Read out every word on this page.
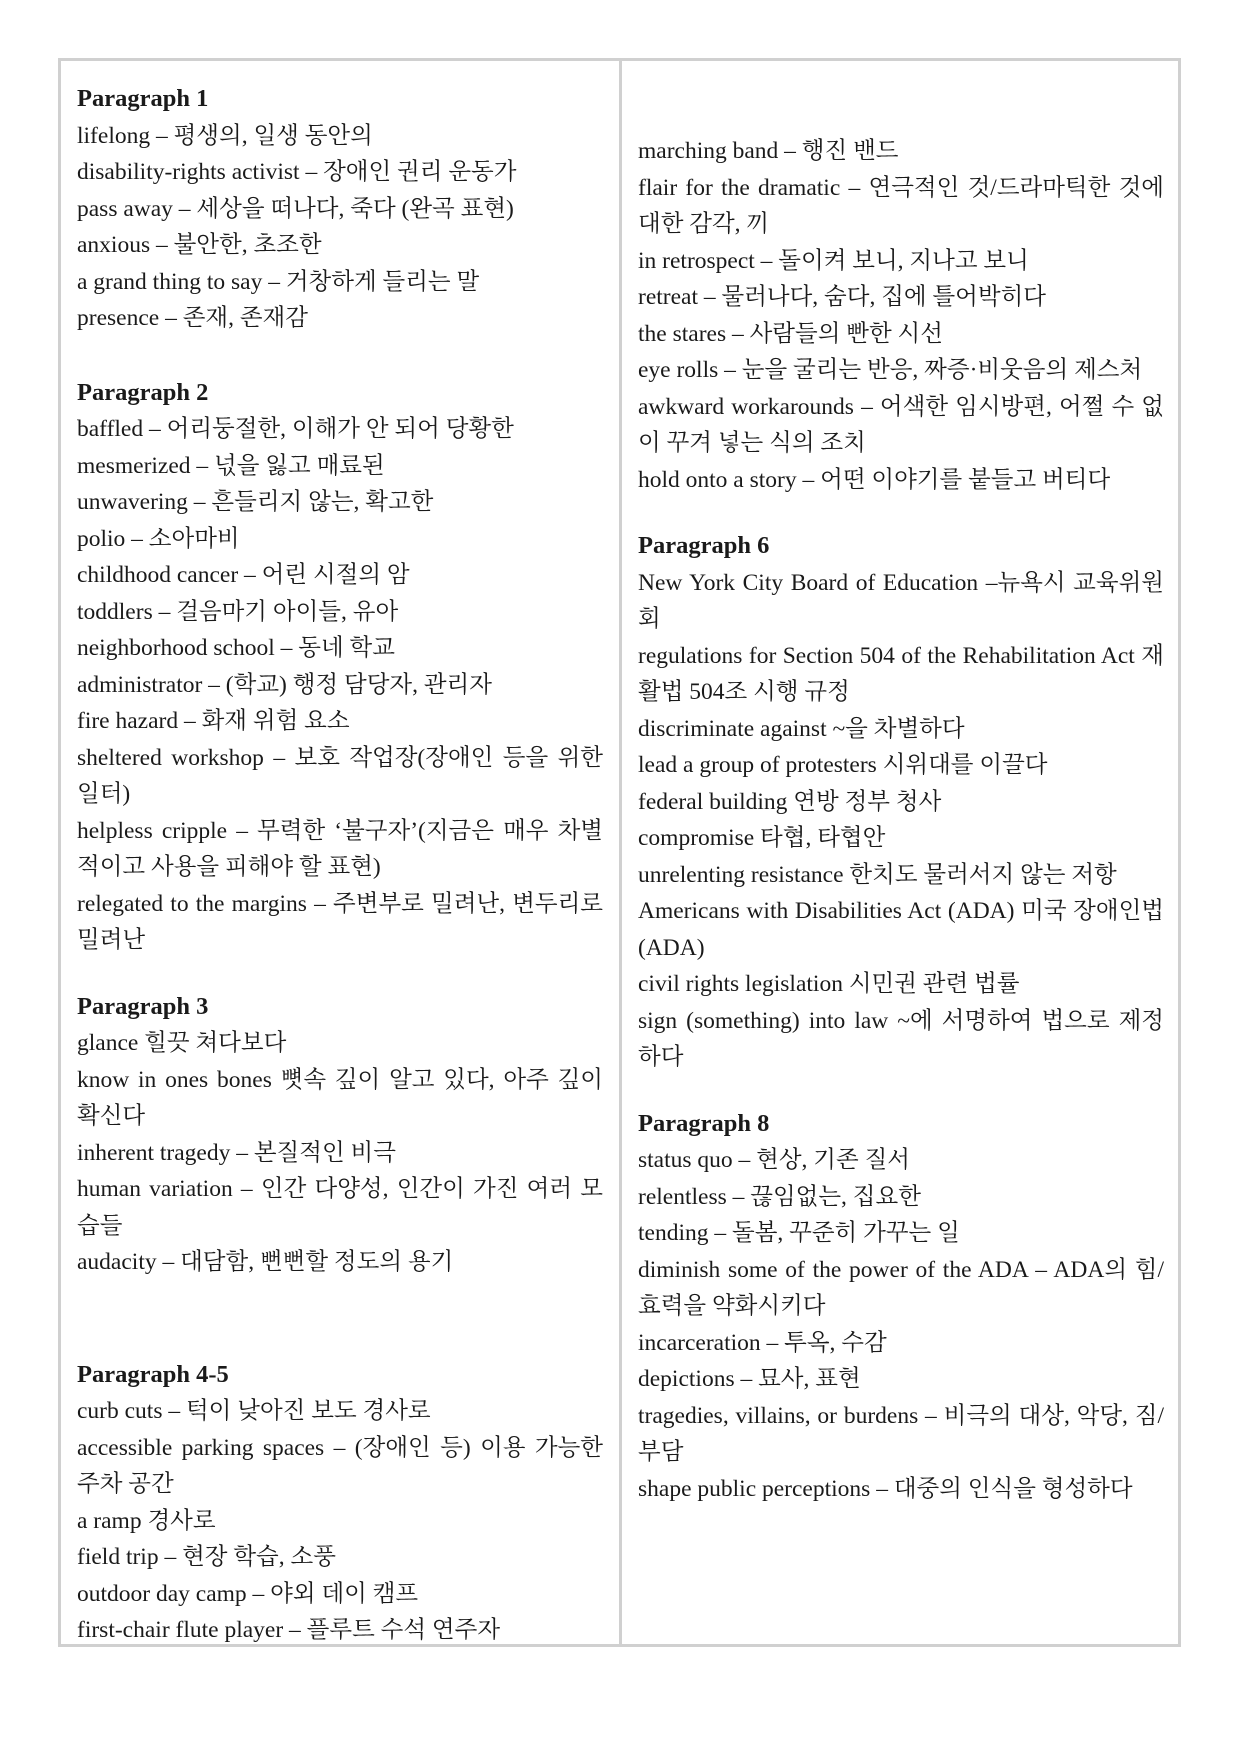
Paragraph 1
lifelong – 평생의, 일생 동안의
disability-rights activist – 장애인 권리 운동가
pass away – 세상을 떠나다, 죽다 (완곡 표현)
anxious – 불안한, 초조한
a grand thing to say – 거창하게 들리는 말
presence – 존재, 존재감
Paragraph 2
baffled – 어리둥절한, 이해가 안 되어 당황한
mesmerized – 넋을 잃고 매료된
unwavering – 흔들리지 않는, 확고한
polio – 소아마비
childhood cancer – 어린 시절의 암
toddlers – 걸음마기 아이들, 유아
neighborhood school – 동네 학교
administrator – (학교) 행정 담당자, 관리자
fire hazard – 화재 위험 요소
sheltered workshop – 보호 작업장(장애인 등을 위한 일터)
helpless cripple – 무력한 ‘불구자’(지금은 매우 차별적이고 사용을 피해야 할 표현)
relegated to the margins – 주변부로 밀려난, 변두리로 밀려난
Paragraph 3
glance 힐끗 쳐다보다
know in ones bones 뼛속 깊이 알고 있다, 아주 깊이 확신다
inherent tragedy – 본질적인 비극
human variation – 인간 다양성, 인간이 가진 여러 모습들
audacity – 대담함, 뻔뻔할 정도의 용기
Paragraph 4-5
curb cuts – 턱이 낮아진 보도 경사로
accessible parking spaces – (장애인 등) 이용 가능한 주차 공간
a ramp 경사로
field trip – 현장 학습, 소풍
outdoor day camp – 야외 데이 캠프
first-chair flute player – 플루트 수석 연주자
marching band – 행진 밴드
flair for the dramatic – 연극적인 것/드라마틱한 것에 대한 감각, 끼
in retrospect – 돌이켜 보니, 지나고 보니
retreat – 물러나다, 숨다, 집에 틀어박히다
the stares – 사람들의 빤한 시선
eye rolls – 눈을 굴리는 반응, 짜증·비웃음의 제스처
awkward workarounds – 어색한 임시방편, 어쩔 수 없이 꾸겨 넣는 식의 조치
hold onto a story – 어떤 이야기를 붙들고 버티다
Paragraph 6
New York City Board of Education –뉴욕시 교육위원회
regulations for Section 504 of the Rehabilitation Act 재활법 504조 시행 규정
discriminate against ~을 차별하다
lead a group of protesters 시위대를 이끌다
federal building 연방 정부 청사
compromise 타협, 타협안
unrelenting resistance 한치도 물러서지 않는 저항
Americans with Disabilities Act (ADA) 미국 장애인법(ADA)
civil rights legislation 시민권 관련 법률
sign (something) into law ~에 서명하여 법으로 제정하다
Paragraph 8
status quo – 현상, 기존 질서
relentless – 끊임없는, 집요한
tending – 돌봄, 꾸준히 가꾸는 일
diminish some of the power of the ADA – ADA의 힘/효력을 약화시키다
incarceration – 투옥, 수감
depictions – 묘사, 표현
tragedies, villains, or burdens – 비극의 대상, 악당, 짐/부담
shape public perceptions – 대중의 인식을 형성하다
